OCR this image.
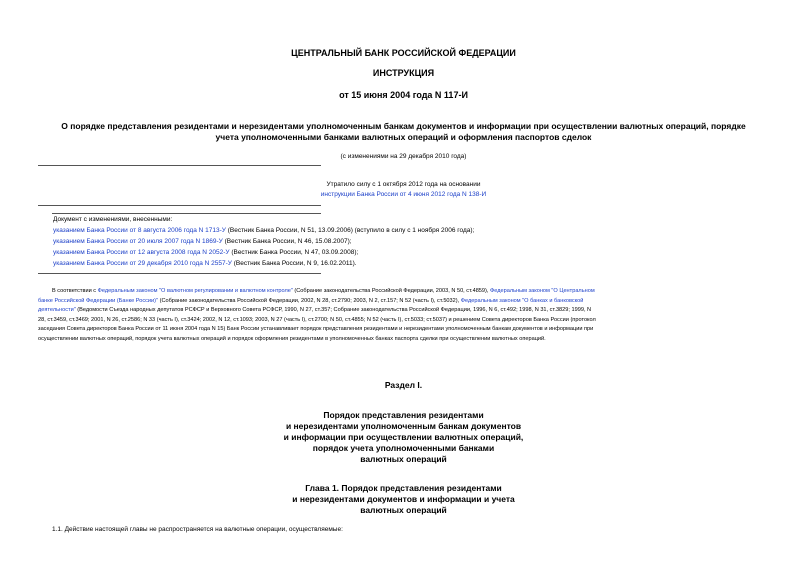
ЦЕНТРАЛЬНЫЙ БАНК РОССИЙСКОЙ ФЕДЕРАЦИИ
ИНСТРУКЦИЯ
от 15 июня 2004 года N 117-И
О порядке представления резидентами и нерезидентами уполномоченным банкам документов и информации при осуществлении валютных операций, порядке
учета уполномоченными банками валютных операций и оформления паспортов сделок
(с изменениями на 29 декабря 2010 года)
Утратило силу с 1 октября 2012 года на основании
инструкции Банка России от 4 июня 2012 года N 138-И
Документ с изменениями, внесенными:
указанием Банка России от 8 августа 2006 года N 1713-У (Вестник Банка России, N 51, 13.09.2006) (вступило в силу с 1 ноября 2006 года);
указанием Банка России от 20 июля 2007 года N 1869-У (Вестник Банка России, N 46, 15.08.2007);
указанием Банка России от 12 августа 2008 года N 2052-У (Вестник Банка России, N 47, 03.09.2008);
указанием Банка России от 29 декабря 2010 года N 2557-У (Вестник Банка России, N 9, 16.02.2011).
В соответствии с Федеральным законом "О валютном регулировании и валютном контроле" (Собрание законодательства Российской Федерации, 2003, N 50, ст.4859), Федеральным законом "О Центральном
банке Российской Федерации (Банке России)" (Собрание законодательства Российской Федерации, 2002, N 28, ст.2790; 2003, N 2, ст.157; N 52 (часть I), ст.5032), Федеральным законом "О банках и банковской
деятельности" (Ведомости Съезда народных депутатов РСФСР и Верховного Совета РСФСР, 1990, N 27, ст.357; Собрание законодательства Российской Федерации, 1996, N 6, ст.492; 1998, N 31, ст.3829; 1999, N
28, ст.3459, ст.3469; 2001, N 26, ст.2586; N 33 (часть I), ст.3424; 2002, N 12, ст.1093; 2003, N 27 (часть I), ст.2700; N 50, ст.4855; N 52 (часть I), ст.5033; ст.5037) и решением Совета директоров Банка России (протокол
заседания Совета директоров Банка России от 11 июня 2004 года N 15) Банк России устанавливает порядок представления резидентами и нерезидентами уполномоченным банкам документов и информации при
осуществлении валютных операций, порядок учета валютных операций и порядок оформления резидентами в уполномоченных банках паспорта сделки при осуществлении валютных операций.
Раздел I.
Порядок представления резидентами
и нерезидентами уполномоченным банкам документов
и информации при осуществлении валютных операций,
порядок учета уполномоченными банками
валютных операций
Глава 1. Порядок представления резидентами
и нерезидентами документов и информации и учета
валютных операций
1.1. Действие настоящей главы не распространяется на валютные операции, осуществляемые:
